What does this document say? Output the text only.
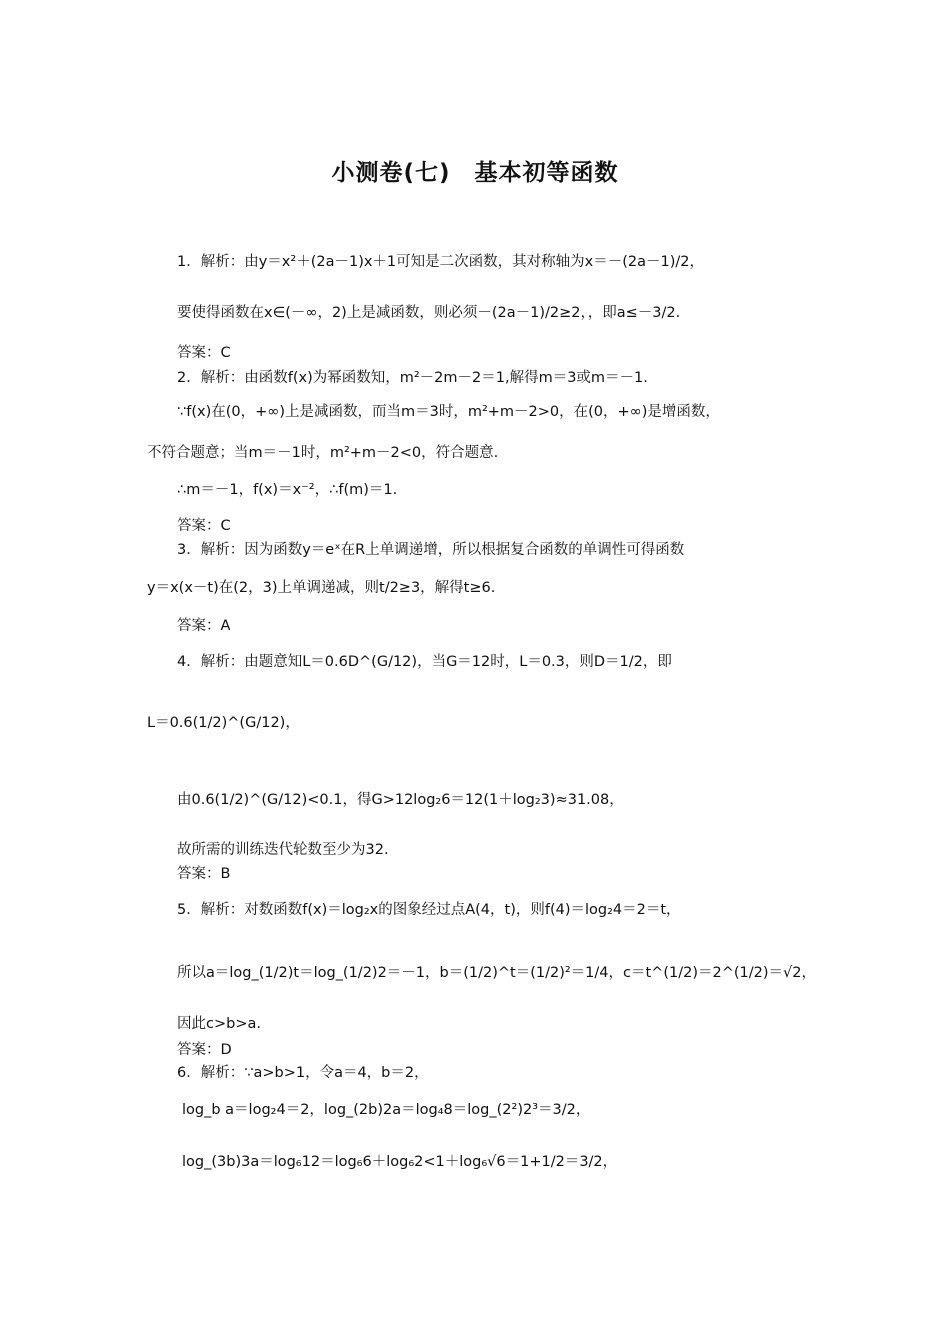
小测卷(七)　基本初等函数
1．解析：由y＝x²＋(2a－1)x＋1可知是二次函数，其对称轴为x＝－(2a－1)/2，
要使得函数在x∈(－∞，2)上是减函数，则必须－(2a－1)/2≥2，，即a≤－3/2.
答案：C
2．解析：由函数f(x)为幂函数知，m²－2m－2＝1,解得m＝3或m＝－1.
∵f(x)在(0，+∞)上是减函数，而当m＝3时，m²+m－2>0，在(0，+∞)是增函数，
不符合题意；当m＝－1时，m²+m－2<0，符合题意.
∴m＝－1，f(x)＝x⁻²，∴f(m)＝1.
答案：C
3．解析：因为函数y＝eˣ在R上单调递增，所以根据复合函数的单调性可得函数
y＝x(x－t)在(2，3)上单调递减，则t/2≥3，解得t≥6.
答案：A
4．解析：由题意知L＝0.6D^(G/12)，当G＝12时，L＝0.3，则D＝1/2，即
L＝0.6(1/2)^(G/12)，
由0.6(1/2)^(G/12)<0.1，得G>12log₂6＝12(1＋log₂3)≈31.08，
故所需的训练迭代轮数至少为32.
答案：B
5．解析：对数函数f(x)＝log₂x的图象经过点A(4，t)，则f(4)＝log₂4＝2＝t，
所以a＝log_(1/2)t＝log_(1/2)2＝－1，b＝(1/2)^t＝(1/2)²＝1/4，c＝t^(1/2)＝2^(1/2)＝√2，
因此c>b>a.
答案：D
6．解析：∵a>b>1，令a＝4，b＝2，
log_b a＝log₂4＝2，log_(2b)2a＝log₄8＝log_(2²)2³＝3/2，
log_(3b)3a＝log₆12＝log₆6＋log₆2<1＋log₆√6＝1+1/2＝3/2，
